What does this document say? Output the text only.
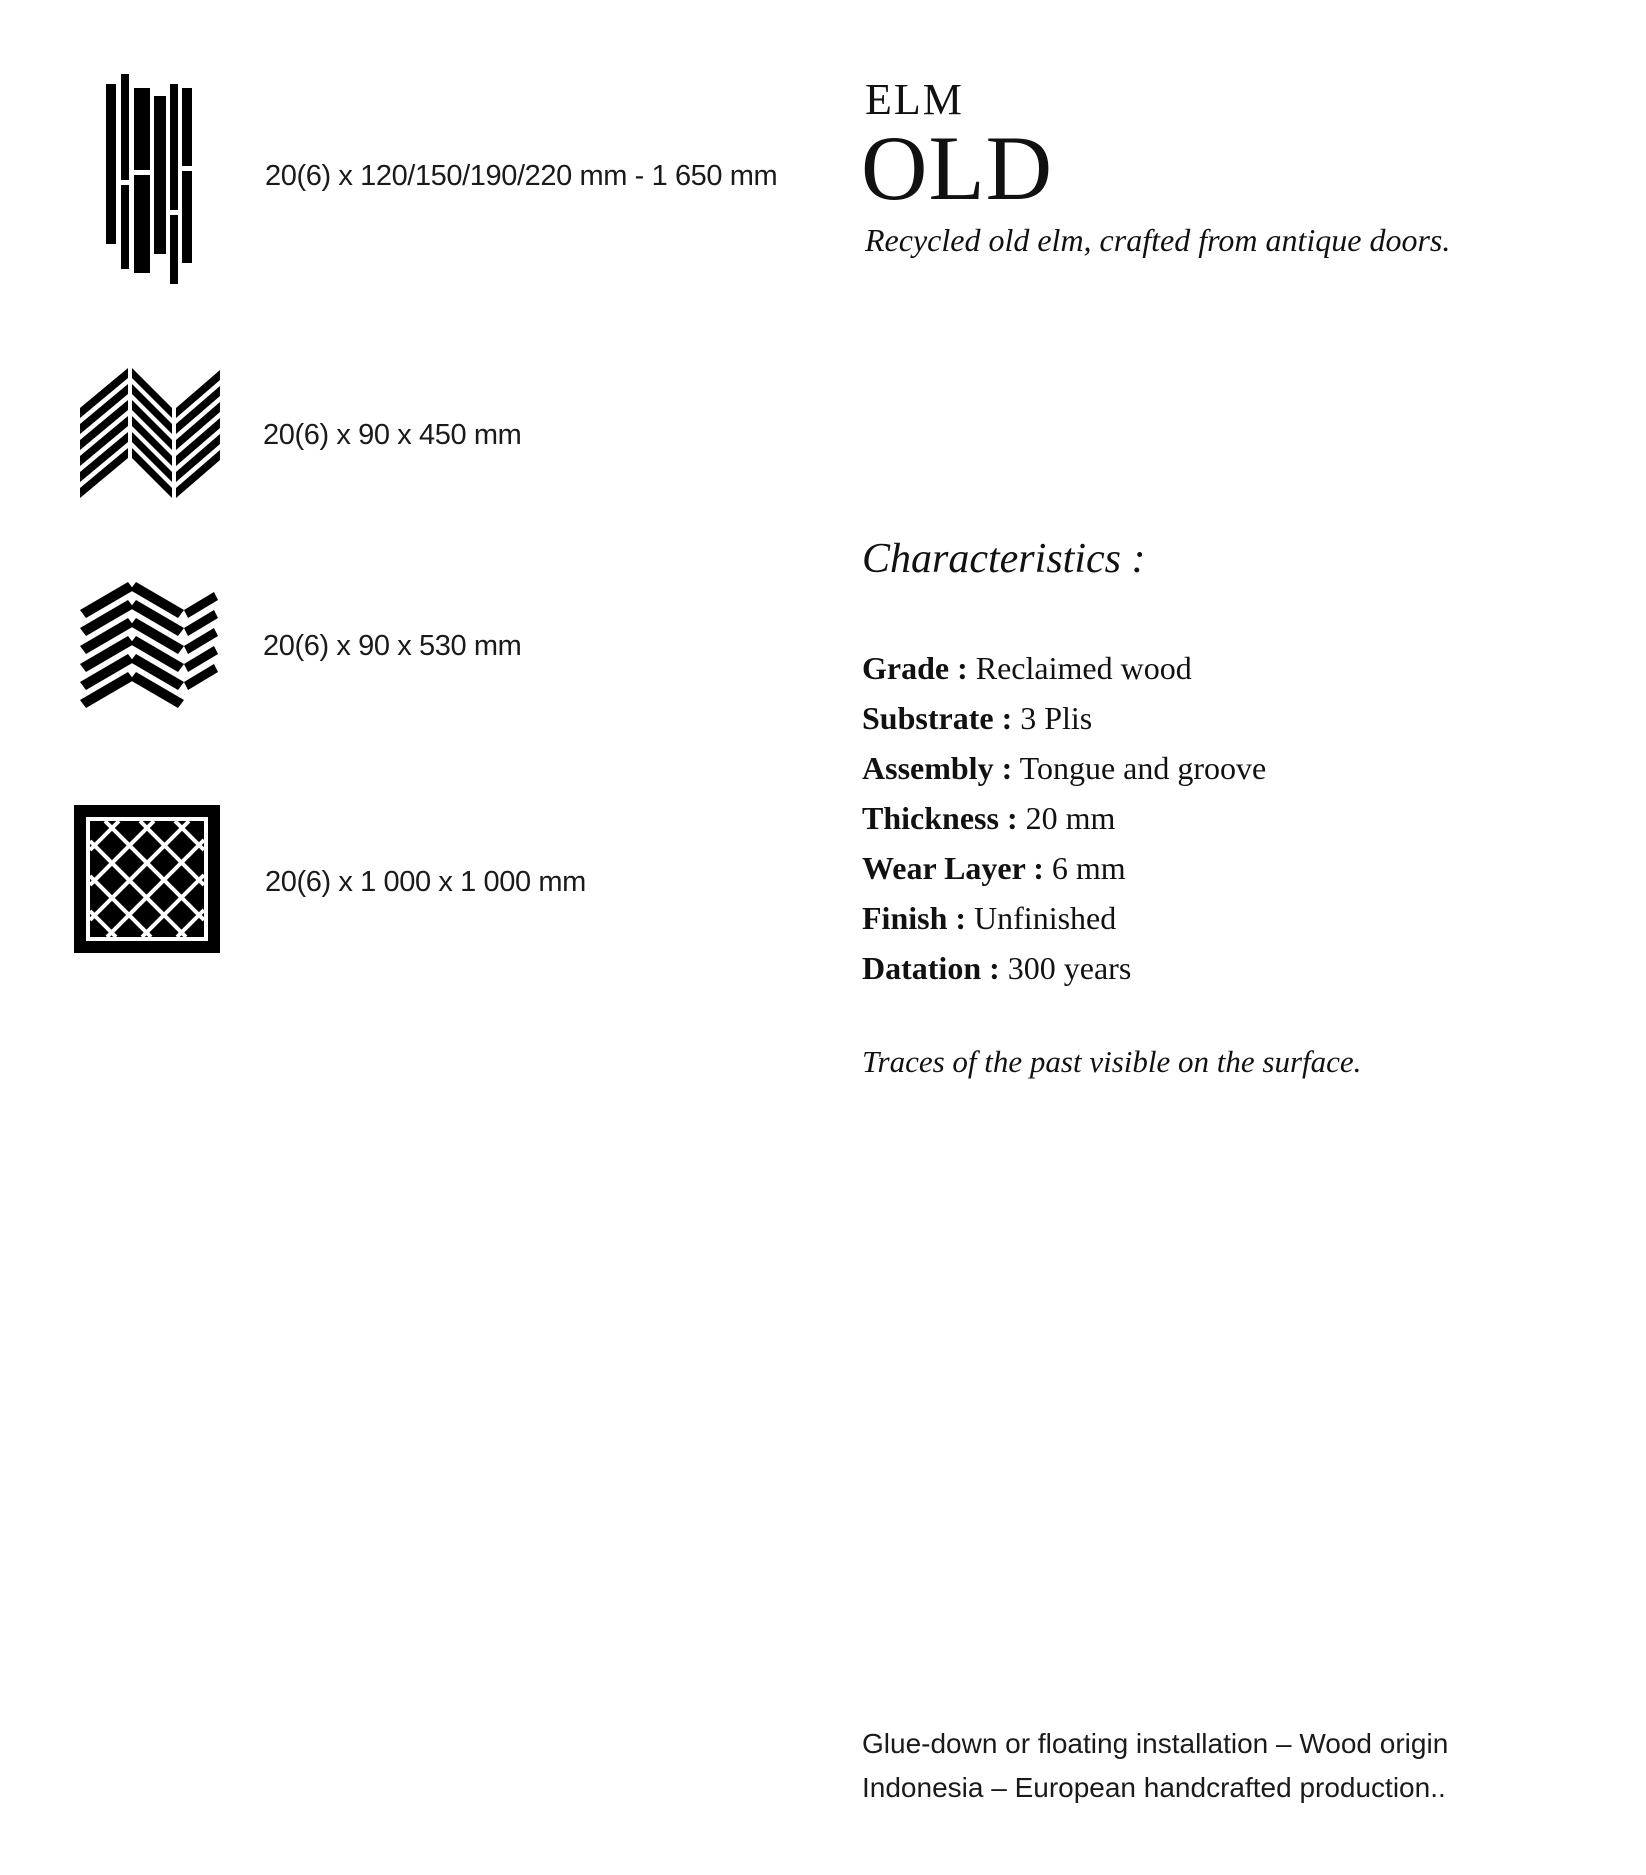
20(6) x 120/150/190/220 mm - 1 650 mm
20(6) x 90 x 450 mm
20(6) x 90 x 530 mm
20(6) x 1 000 x 1 000 mm
ELM
OLD
Recycled old elm, crafted from antique doors.
Characteristics :
Grade : Reclaimed wood
Substrate : 3 Plis
Assembly : Tongue and groove
Thickness : 20 mm
Wear Layer : 6 mm
Finish : Unfinished
Datation : 300 years
Traces of the past visible on the surface.
Glue-down or floating installation – Wood origin
Indonesia – European handcrafted production..
